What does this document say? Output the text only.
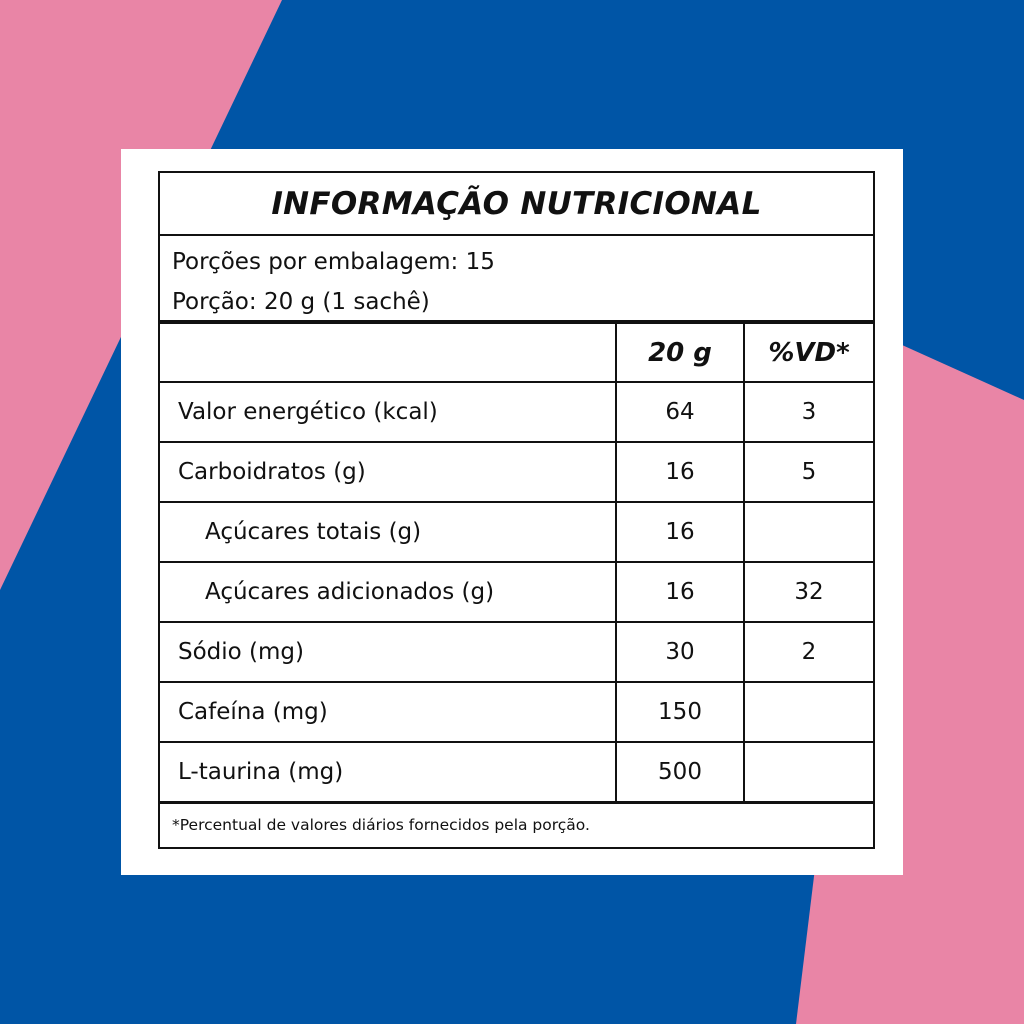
INFORMAÇÃO NUTRICIONAL
Porções por embalagem: 15
Porção: 20 g (1 sachê)
	20 g	%VD*
Valor energético (kcal)	64	3
Carboidratos (g)	16	5
Açúcares totais (g)	16	
Açúcares adicionados (g)	16	32
Sódio (mg)	30	2
Cafeína (mg)	150	
L-taurina (mg)	500	
*Percentual de valores diários fornecidos pela porção.
